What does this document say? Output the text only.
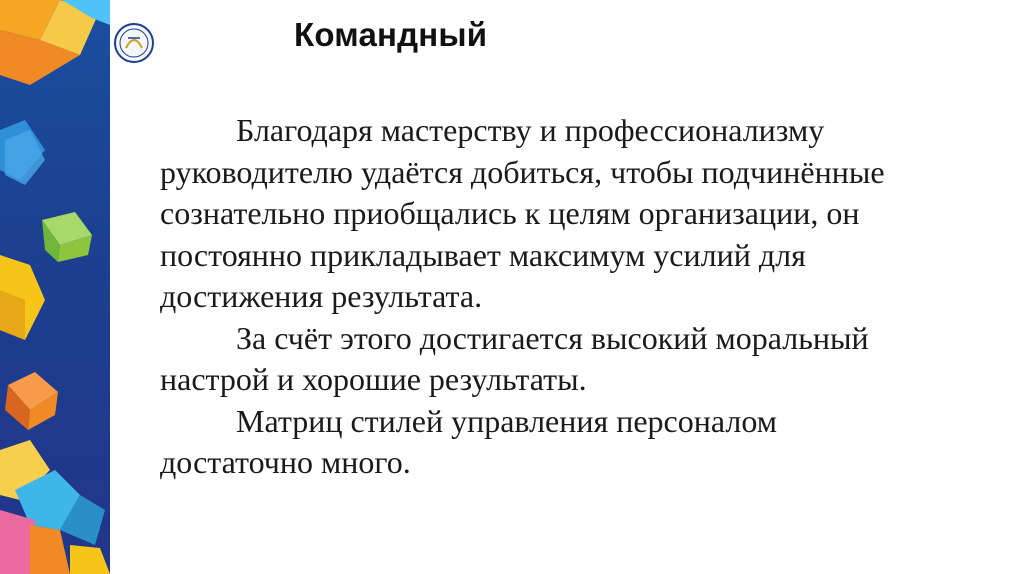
Командный

Благодаря мастерству и профессионализму руководителю удаётся добиться, чтобы подчинённые сознательно приобщались к целям организации, он постоянно прикладывает максимум усилий для достижения результата.

За счёт этого достигается высокий моральный настрой и хорошие результаты.

Матриц стилей управления персоналом достаточно много.
